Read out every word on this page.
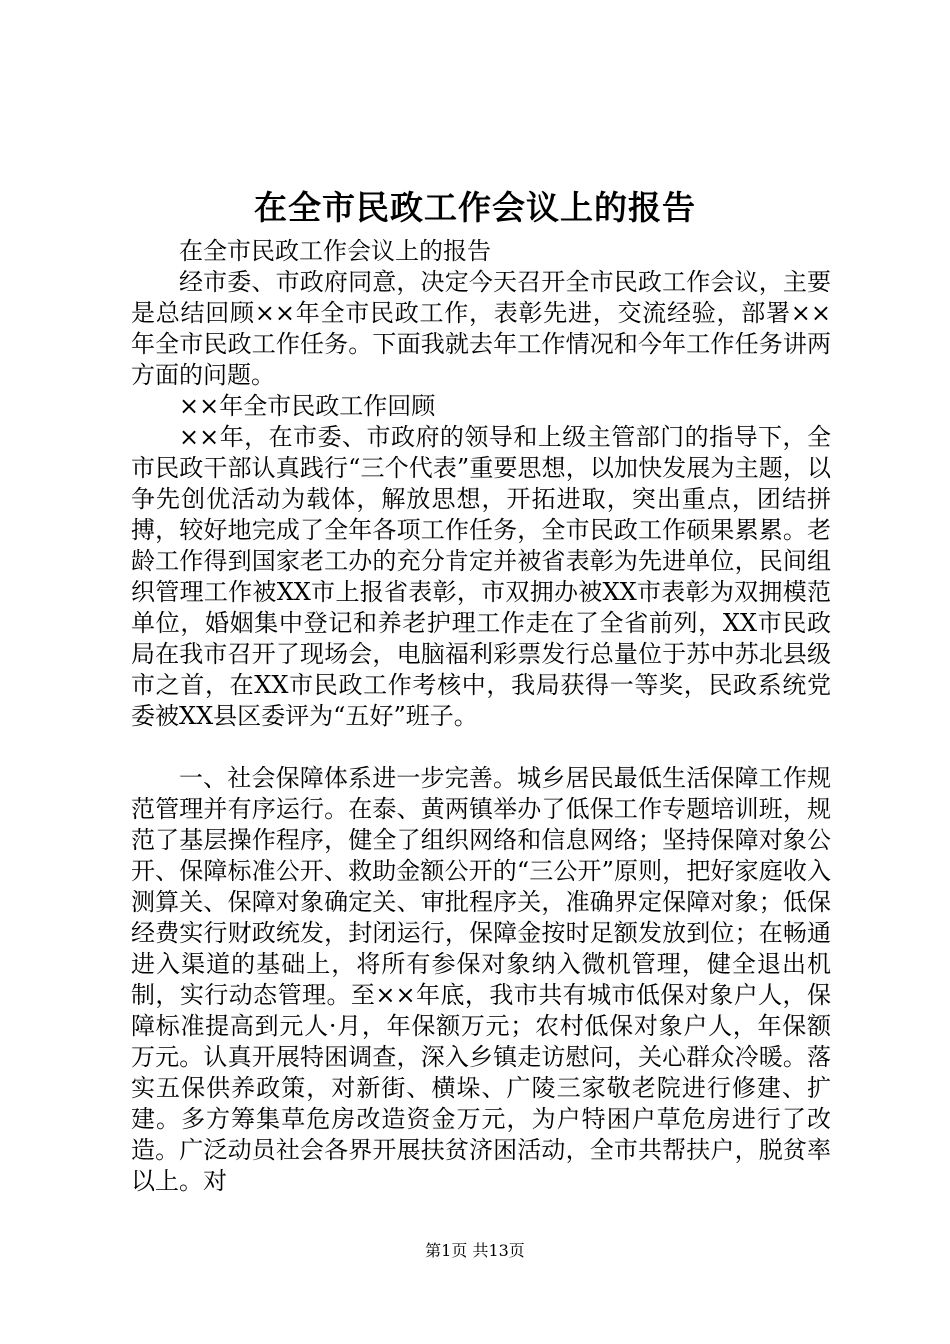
在全市民政工作会议上的报告

在全市民政工作会议上的报告

经市委、市政府同意，决定今天召开全市民政工作会议，主要是总结回顾××年全市民政工作，表彰先进，交流经验，部署××年全市民政工作任务。下面我就去年工作情况和今年工作任务讲两方面的问题。

××年全市民政工作回顾

××年，在市委、市政府的领导和上级主管部门的指导下，全市民政干部认真践行“三个代表”重要思想，以加快发展为主题，以争先创优活动为载体，解放思想，开拓进取，突出重点，团结拼搏，较好地完成了全年各项工作任务，全市民政工作硕果累累。老龄工作得到国家老工办的充分肯定并被省表彰为先进单位，民间组织管理工作被XX市上报省表彰，市双拥办被XX市表彰为双拥模范单位，婚姻集中登记和养老护理工作走在了全省前列，XX市民政局在我市召开了现场会，电脑福利彩票发行总量位于苏中苏北县级市之首，在XX市民政工作考核中，我局获得一等奖，民政系统党委被XX县区委评为“五好”班子。

一、社会保障体系进一步完善。城乡居民最低生活保障工作规范管理并有序运行。在泰、黄两镇举办了低保工作专题培训班，规范了基层操作程序，健全了组织网络和信息网络；坚持保障对象公开、保障标准公开、救助金额公开的“三公开”原则，把好家庭收入测算关、保障对象确定关、审批程序关，准确界定保障对象；低保经费实行财政统发，封闭运行，保障金按时足额发放到位；在畅通进入渠道的基础上，将所有参保对象纳入微机管理，健全退出机制，实行动态管理。至××年底，我市共有城市低保对象户人，保障标准提高到元人·月，年保额万元；农村低保对象户人，年保额万元。认真开展特困调查，深入乡镇走访慰问，关心群众冷暖。落实五保供养政策，对新街、横垛、广陵三家敬老院进行修建、扩建。多方筹集草危房改造资金万元，为户特困户草危房进行了改造。广泛动员社会各界开展扶贫济困活动，全市共帮扶户，脱贫率以上。对

第1页 共13页
